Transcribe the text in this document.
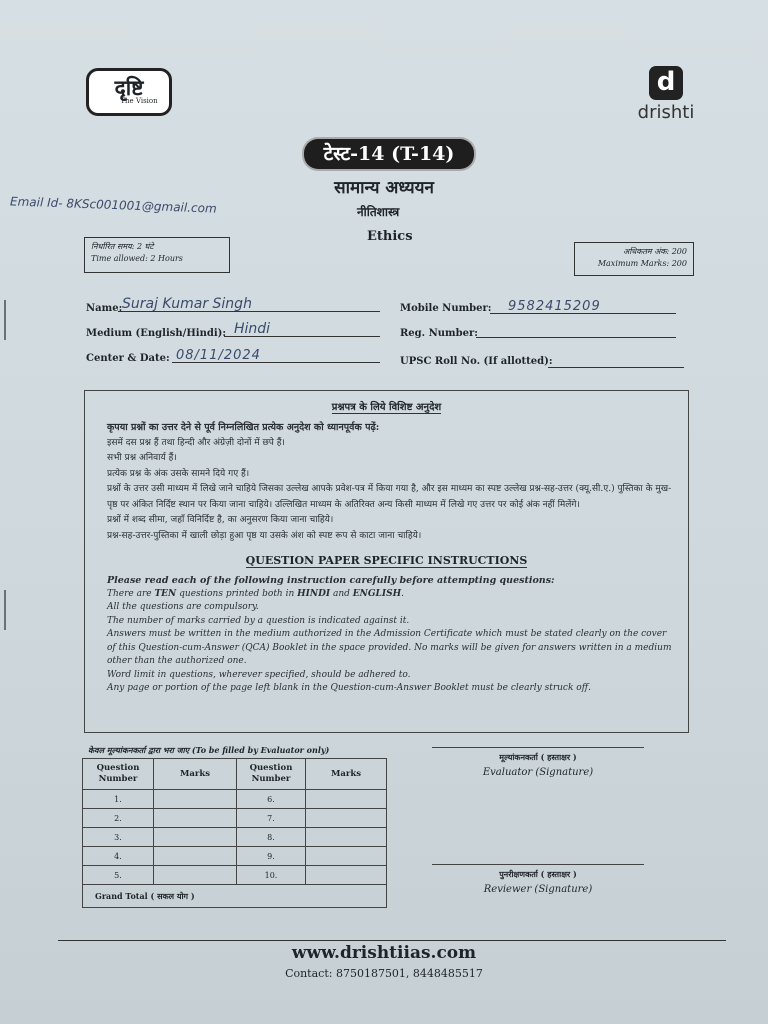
दृष्टि
The Vision
d
drishti
टेस्ट-14 (T-14)
सामान्य अध्ययन
Email Id- 8KSc001001@gmail.com	नीतिशास्त्र
Ethics
निर्धारित समय: 2 घंटे
Time allowed: 2 Hours
अधिकतम अंक: 200
Maximum Marks: 200
Name: Suraj Kumar Singh
Medium (English/Hindi): Hindi
Center & Date: 08/11/2024
Mobile Number:	9582415209
Reg. Number:
UPSC Roll No. (If allotted):
प्रश्नपत्र के लिये विशिष्ट अनुदेश

कृपया प्रश्नों का उत्तर देने से पूर्व निम्नलिखित प्रत्येक अनुदेश को ध्यानपूर्वक पढ़ें:

इसमें दस प्रश्न हैं तथा हिन्दी और अंग्रेज़ी दोनों में छपे हैं।

सभी प्रश्न अनिवार्य हैं।

प्रत्येक प्रश्न के अंक उसके सामने दिये गए हैं।

प्रश्नों के उत्तर उसी माध्यम में लिखे जाने चाहिये जिसका उल्लेख आपके प्रवेश-पत्र में किया गया है, और इस माध्यम का स्पष्ट उल्लेख प्रश्न-सह-उत्तर (क्यू.सी.ए.) पुस्तिका के मुख-पृष्ठ पर अंकित निर्दिष्ट स्थान पर किया जाना चाहिये। उल्लिखित माध्यम के अतिरिक्त अन्य किसी माध्यम में लिखे गए उत्तर पर कोई अंक नहीं मिलेंगे।

प्रश्नों में शब्द सीमा, जहाँ विनिर्दिष्ट है, का अनुसरण किया जाना चाहिये।

प्रश्न-सह-उत्तर-पुस्तिका में खाली छोड़ा हुआ पृष्ठ या उसके अंश को स्पष्ट रूप से काटा जाना चाहिये।

QUESTION PAPER SPECIFIC INSTRUCTIONS

Please read each of the following instruction carefully before attempting questions:

There are TEN questions printed both in HINDI and ENGLISH.

All the questions are compulsory.

The number of marks carried by a question is indicated against it.

Answers must be written in the medium authorized in the Admission Certificate which must be stated clearly on the cover of this Question-cum-Answer (QCA) Booklet in the space provided. No marks will be given for answers written in a medium other than the authorized one.

Word limit in questions, wherever specified, should be adhered to.

Any page or portion of the page left blank in the Question-cum-Answer Booklet must be clearly struck off.

केवल मूल्यांकनकर्ता द्वारा भरा जाए (To be filled by Evaluator only)
Question Number	Marks	Question Number	Marks
1.		6.	
2.		7.	
3.		8.	
4.		9.	
5.		10.	
Grand Total ( सकल योग )			
मूल्यांकनकर्ता ( हस्ताक्षर )
Evaluator (Signature)
पुनरीक्षणकर्ता ( हस्ताक्षर )
Reviewer (Signature)
www.drishtiias.com
Contact: 8750187501, 8448485517
